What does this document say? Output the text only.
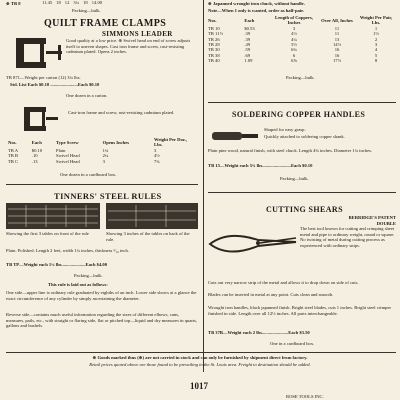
⊕ TB 8	11.45	18	12	3¼	18	14.00
Packing—bulk.
⊕ Japanned wrought iron chuck, without handle.
Note—When 1 only is wanted, order as half-pair.
Nos.	Each	Length of Coppers, Inches	Over All, Inches	Weight Per Pair, Lbs.
TB 10	$0.53	3	11	1
TB 11½	.39	4½	11	1½
TB 26	.39	4¼	13	2
TB 28	.49	5½	14½	3
TB 30	.59	6¾	16	4
TB 38	.69	6	16	5
TB 40	1.09	6⅞	17½	8
Packing—bulk.
QUILT FRAME CLAMPS
SIMMONS LEADER
Good quality at a low price. ⊕ Swivel head on end of screw adjusts itself to uneven shapes. Cast iron frame and screw, rust-resisting cadmium plated. Opens 2 inches.
TB 871—Weight per carton (12) 3¼ lbs.
Std. List Each $0.10 ........................Each $0.10
One dozen in a carton.
Cast-iron frame and screw, rust-resisting cadmium plated.
Nos.	Each	Type Screw	Opens Inches	Weight Per Doz., Lbs.
TB A	$0.10	Plain	1¾	3
TB B	.10	Swivel Head	2¼	4½
TB C	.13	Swivel Head	3	7¾
One dozen in a cardboard box.
TINNERS' STEEL RULES
Showing the first 3 tables on front of the rule	Showing 3 inches of the tables on back of the rule.
Plain. Polished. Length 2 feet, width 1¼ inches, thickness ¹⁄₁₆ inch.
TB TP—Weight each 1¼ lbs.....................Each $4.00
Packing—bulk.
This rule is laid out as follows:
One side—upper line is ordinary rule graduated by eighths of an inch. Lower side shows at a glance the exact circumference of any cylinder by simply ascertaining the diameter.
Reverse side—contains much useful information regarding the sizes of different elbows, cans, measures, pails, etc., with straight or flaring side, flat or pitched top—liquid and dry measures in quarts, gallons and bushels.
SOLDERING COPPER HANDLES
Shaped for easy grasp.
Quickly attached to soldering copper shank.
Plain pine wood, natural finish, with steel chuck. Length 4¾ inches. Diameter 1¼ inches.
TB 15—Weight each 5¾ lbs.........................Each $0.10
Packing—bulk.
CUTTING SHEARS
BERRIDGE'S PATENT DOUBLE
The best tool known for cutting and crimping sheet metal and pipe to ordinary weight, round or square. No twisting of metal during cutting process as experienced with ordinary snips.
Cuts out very narrow strip of the metal and allows it to drop down on side of cuts.
Blades can be inserted in metal at any point. Cuts clean and smooth.
Wrought iron handles, black japanned finish. Bright steel blades, cuts 1 inches. Bright steel crimper finished in side. Length over all 12½ inches. All parts interchangeable.
TB 37B—Weight each 2 lbs.......................Each $3.50
One in a cardboard box.
⊕ Goods marked thus (⊕) are not carried in stock and can only be furnished by shipment direct from factory.
Retail prices quoted above are those found to be prevailing in the St. Louis area. Freight to destination should be added.
1017
ROSE TOOLS INC.
